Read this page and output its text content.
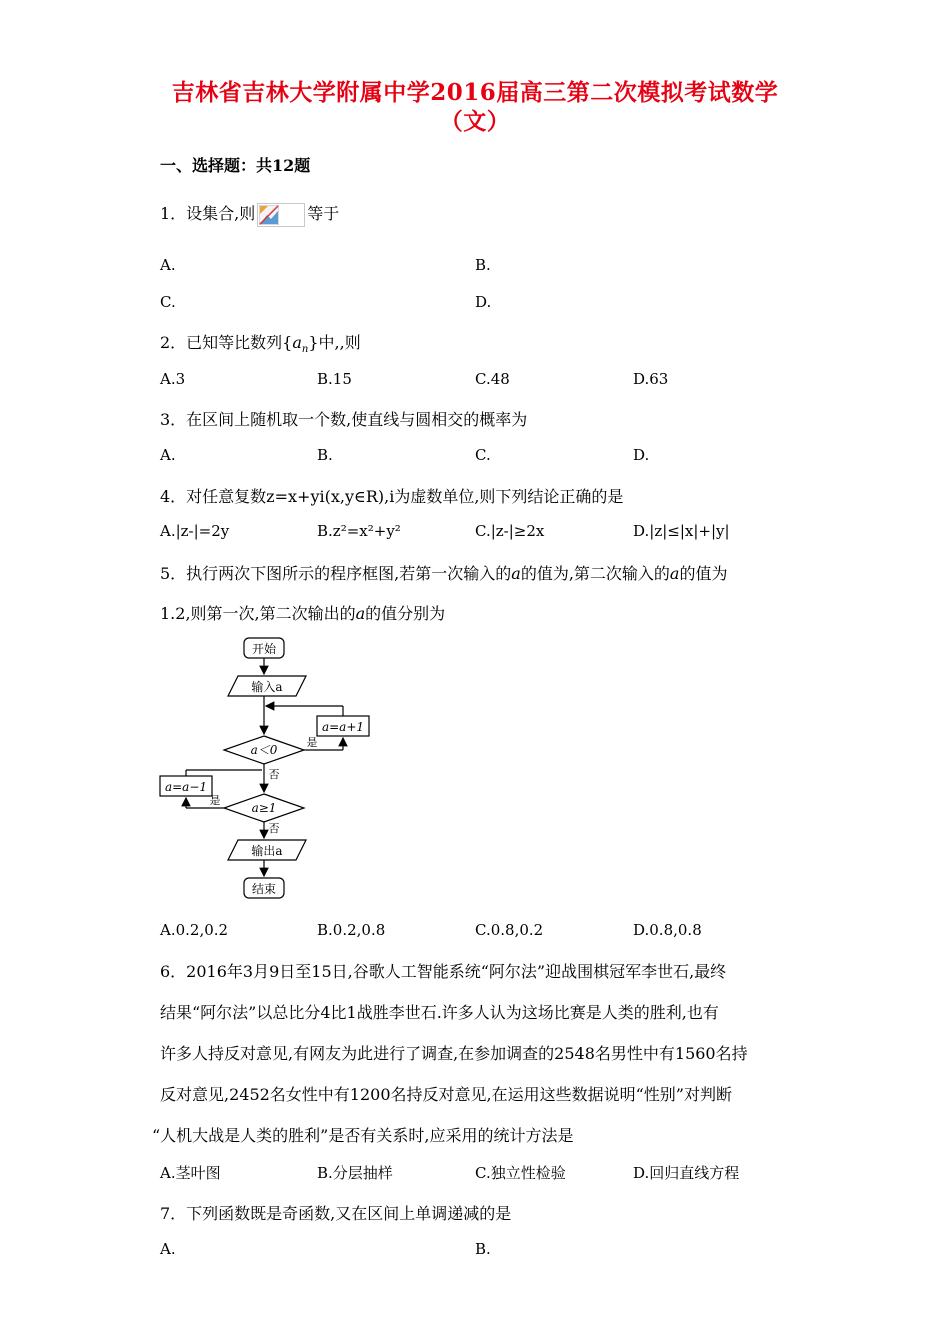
吉林省吉林大学附属中学2016届高三第二次模拟考试数学
（文）
一、选择题：共12题
1．设集合,则	等于
A.	B.
C.	D.
2．已知等比数列$\{a_n\}$中,,则
A.3	B.15	C.48	D.63
3．在区间上随机取一个数,使直线与圆相交的概率为
A.	B.	C.	D.
4．对任意复数z=x+yi(x,y∈R),i为虚数单位,则下列结论正确的是
A.|z-|=2y	B.z²=x²+y²	C.|z-|≥2x	D.|z|≤|x|+|y|
5．执行两次下图所示的程序框图,若第一次输入的a的值为,第二次输入的a的值为
1.2,则第一次,第二次输出的a的值分别为
开始
输入a
a=a+1
a＜0
是
否
a=a−1
a≥1
是
否
输出a
结束
A.0.2,0.2	B.0.2,0.8	C.0.8,0.2	D.0.8,0.8
6．2016年3月9日至15日,谷歌人工智能系统“阿尔法”迎战围棋冠军李世石,最终
结果“阿尔法”以总比分4比1战胜李世石.许多人认为这场比赛是人类的胜利,也有
许多人持反对意见,有网友为此进行了调查,在参加调查的2548名男性中有1560名持
反对意见,2452名女性中有1200名持反对意见,在运用这些数据说明“性别”对判断
“人机大战是人类的胜利”是否有关系时,应采用的统计方法是
A.茎叶图	B.分层抽样	C.独立性检验	D.回归直线方程
7．下列函数既是奇函数,又在区间上单调递减的是
A.	B.
